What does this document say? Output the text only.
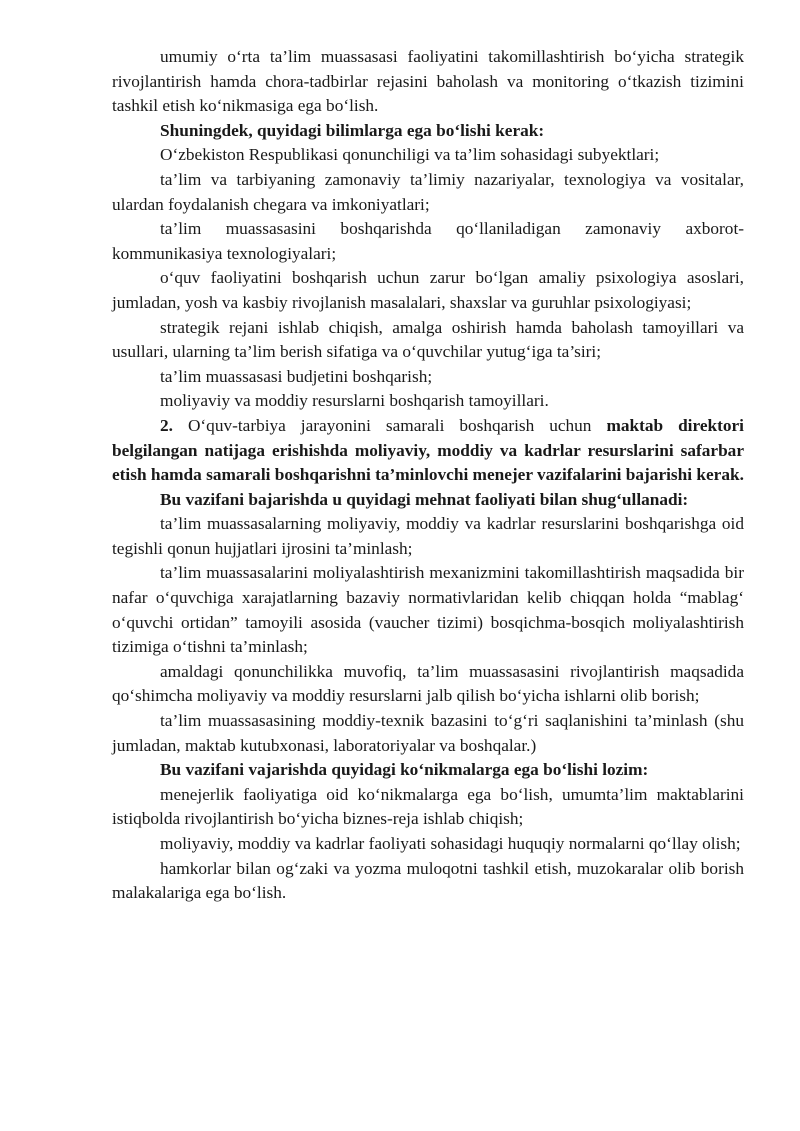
umumiy o‘rta ta’lim muassasasi faoliyatini takomillashtirish bo‘yicha strategik rivojlantirish hamda chora-tadbirlar rejasini baholash va monitoring o‘tkazish tizimini tashkil etish ko‘nikmasiga ega bo‘lish.

Shuningdek, quyidagi bilimlarga ega bo‘lishi kerak:

O‘zbekiston Respublikasi qonunchiligi va ta’lim sohasidagi subyektlari;

ta’lim va tarbiyaning zamonaviy ta’limiy nazariyalar, texnologiya va vositalar, ulardan foydalanish chegara va imkoniyatlari;

ta’lim muassasasini boshqarishda qo‘llaniladigan zamonaviy axborot-kommunikasiya texnologiyalari;

o‘quv faoliyatini boshqarish uchun zarur bo‘lgan amaliy psixologiya asoslari, jumladan, yosh va kasbiy rivojlanish masalalari, shaxslar va guruhlar psixologiyasi;

strategik rejani ishlab chiqish, amalga oshirish hamda baholash tamoyillari va usullari, ularning ta’lim berish sifatiga va o‘quvchilar yutug‘iga ta’siri;

ta’lim muassasasi budjetini boshqarish;

moliyaviy va moddiy resurslarni boshqarish tamoyillari.

2. O‘quv-tarbiya jarayonini samarali boshqarish uchun maktab direktori belgilangan natijaga erishishda moliyaviy, moddiy va kadrlar resurslarini safarbar etish hamda samarali boshqarishni ta’minlovchi menejer vazifalarini bajarishi kerak.

Bu vazifani bajarishda u quyidagi mehnat faoliyati bilan shug‘ullanadi:

ta’lim muassasalarning moliyaviy, moddiy va kadrlar resurslarini boshqarishga oid tegishli qonun hujjatlari ijrosini ta’minlash;

ta’lim muassasalarini moliyalashtirish mexanizmini takomillashtirish maqsadida bir nafar o‘quvchiga xarajatlarning bazaviy normativlaridan kelib chiqqan holda “mablag‘ o‘quvchi ortidan” tamoyili asosida (vaucher tizimi) bosqichma-bosqich moliyalashtirish tizimiga o‘tishni ta’minlash;

amaldagi qonunchilikka muvofiq, ta’lim muassasasini rivojlantirish maqsadida qo‘shimcha moliyaviy va moddiy resurslarni jalb qilish bo‘yicha ishlarni olib borish;

ta’lim muassasasining moddiy-texnik bazasini to‘g‘ri saqlanishini ta’minlash (shu jumladan, maktab kutubxonasi, laboratoriyalar va boshqalar.)

Bu vazifani vajarishda quyidagi ko‘nikmalarga ega bo‘lishi lozim:

menejerlik faoliyatiga oid ko‘nikmalarga ega bo‘lish, umumta’lim maktablarini istiqbolda rivojlantirish bo‘yicha biznes-reja ishlab chiqish;

moliyaviy, moddiy va kadrlar faoliyati sohasidagi huquqiy normalarni qo‘llay olish;

hamkorlar bilan og‘zaki va yozma muloqotni tashkil etish, muzokaralar olib borish malakalariga ega bo‘lish.
